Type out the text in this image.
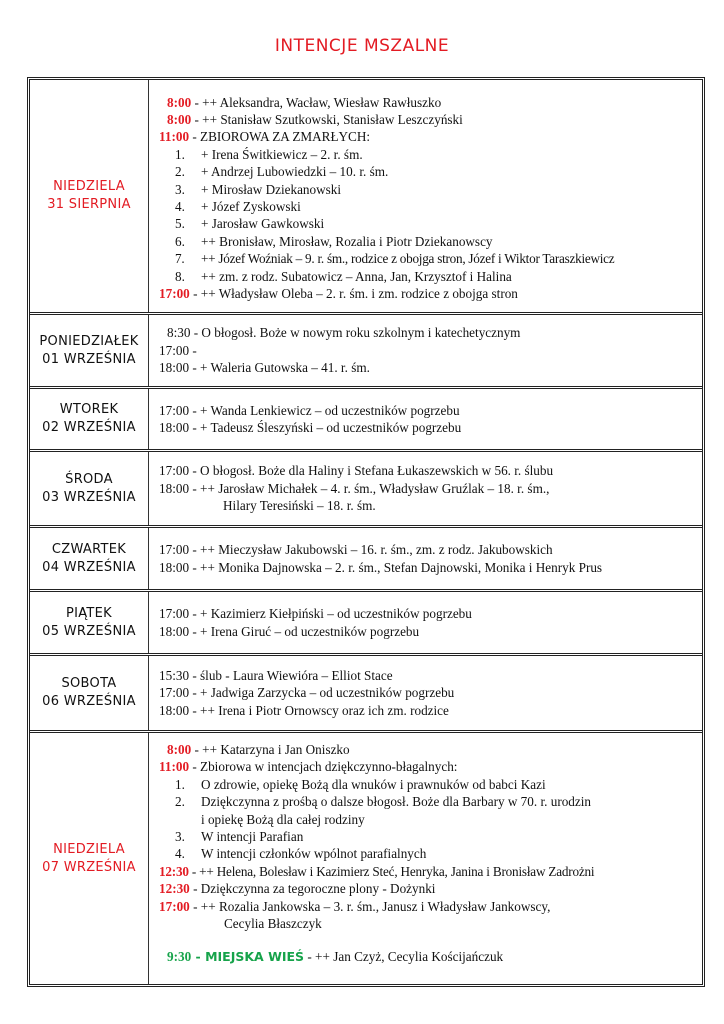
INTENCJE MSZALNE
NIEDZIELA
31 SIERPNIA
8:00 - ++ Aleksandra, Wacław, Wiesław Rawłuszko
8:00 - ++ Stanisław Szutkowski, Stanisław Leszczyński
11:00 - ZBIOROWA ZA ZMARŁYCH:
1.	+ Irena Świtkiewicz – 2. r. śm.
2.	+ Andrzej Lubowiedzki – 10. r. śm.
3.	+ Mirosław Dziekanowski
4.	+ Józef Zyskowski
5.	+ Jarosław Gawkowski
6.	++ Bronisław, Mirosław, Rozalia i Piotr Dziekanowscy
7.	++ Józef Woźniak – 9. r. śm., rodzice z obojga stron, Józef i Wiktor Taraszkiewicz
8.	++ zm. z rodz. Subatowicz – Anna, Jan, Krzysztof i Halina
17:00 - ++ Władysław Oleba – 2. r. śm. i zm. rodzice z obojga stron
PONIEDZIAŁEK
01 WRZEŚNIA
8:30 - O błogosł. Boże w nowym roku szkolnym i katechetycznym
17:00 -
18:00 - + Waleria Gutowska – 41. r. śm.
WTOREK
02 WRZEŚNIA
17:00 - + Wanda Lenkiewicz – od uczestników pogrzebu
18:00 - + Tadeusz Śleszyński – od uczestników pogrzebu
ŚRODA
03 WRZEŚNIA
17:00 - O błogosł. Boże dla Haliny i Stefana Łukaszewskich w 56. r. ślubu
18:00 - ++ Jarosław Michałek – 4. r. śm., Władysław Gruźlak – 18. r. śm.,
Hilary Teresiński – 18. r. śm.
CZWARTEK
04 WRZEŚNIA
17:00 - ++ Mieczysław Jakubowski – 16. r. śm., zm. z rodz. Jakubowskich
18:00 - ++ Monika Dajnowska – 2. r. śm., Stefan Dajnowski, Monika i Henryk Prus
PIĄTEK
05 WRZEŚNIA
17:00 - + Kazimierz Kiełpiński – od uczestników pogrzebu
18:00 - + Irena Giruć – od uczestników pogrzebu
SOBOTA
06 WRZEŚNIA
15:30 - ślub - Laura Wiewióra – Elliot Stace
17:00 - + Jadwiga Zarzycka – od uczestników pogrzebu
18:00 - ++ Irena i Piotr Ornowscy oraz ich zm. rodzice
NIEDZIELA
07 WRZEŚNIA
8:00 - ++ Katarzyna i Jan Oniszko
11:00 - Zbiorowa w intencjach dziękczynno-błagalnych:
1.	O zdrowie, opiekę Bożą dla wnuków i prawnuków od babci Kazi
2.	Dziękczynna z prośbą o dalsze błogosł. Boże dla Barbary w 70. r. urodzin
i opiekę Bożą dla całej rodziny
3.	W intencji Parafian
4.	W intencji członków wpólnot parafialnych
12:30 - ++ Helena, Bolesław i Kazimierz Steć, Henryka, Janina i Bronisław Zadrożni
12:30 - Dziękczynna za tegoroczne plony - Dożynki
17:00 - ++ Rozalia Jankowska – 3. r. śm., Janusz i Władysław Jankowscy,
Cecylia Błaszczyk
9:30 - MIEJSKA WIEŚ - ++ Jan Czyż, Cecylia Kościjańczuk
